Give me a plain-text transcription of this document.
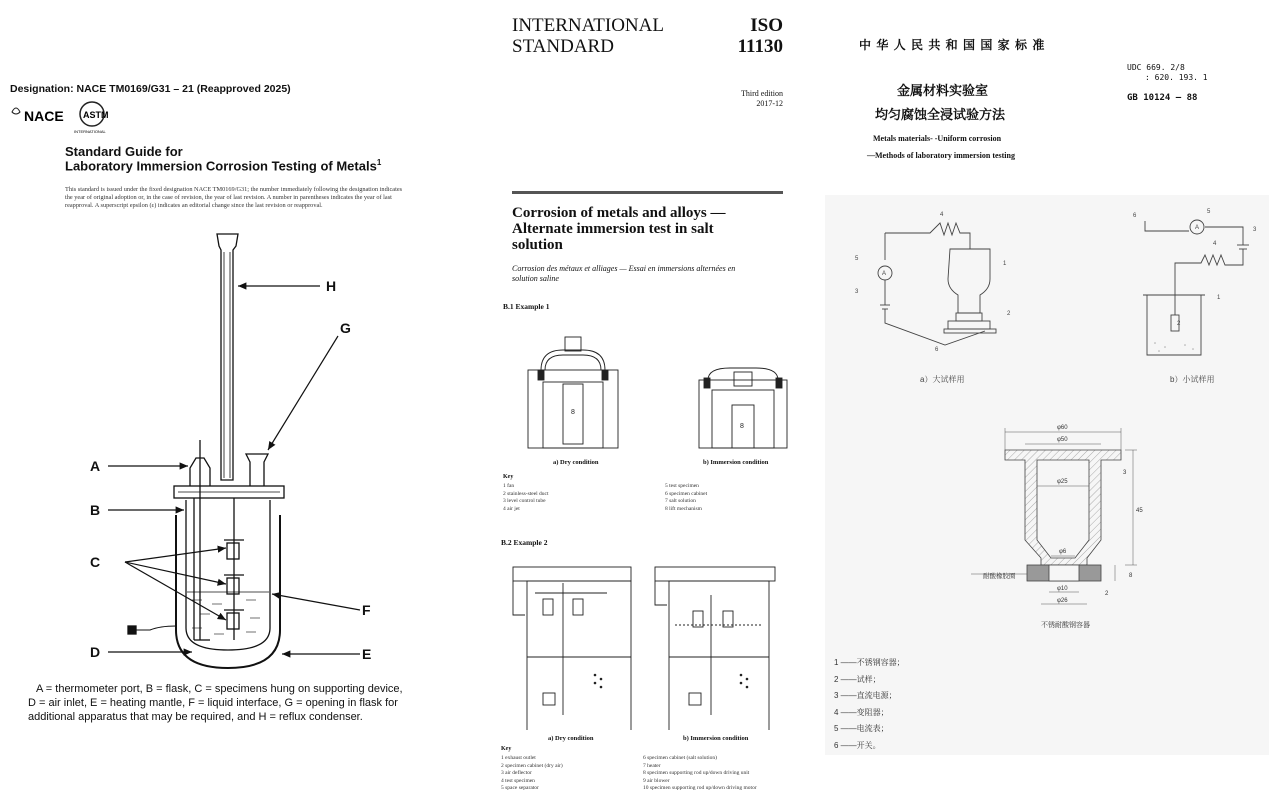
Designation: NACE TM0169/G31 – 21 (Reapproved 2025)
NACE ASTM
INTERNATIONAL
Standard Guide for
Laboratory Immersion Corrosion Testing of Metals$^1$
This standard is issued under the fixed designation NACE TM0169/G31; the number immediately following the designation indicates
the year of original adoption or, in the case of revision, the year of last revision. A number in parentheses indicates the year of last
reapproval. A superscript epsilon (ε) indicates an editorial change since the last revision or reapproval.
H
G
A
B
C
F
D	E
A = thermometer port, B = flask, C = specimens hung on supporting device,
D = air inlet, E = heating mantle, F = liquid interface, G = opening in flask for
additional apparatus that may be required, and H = reflux condenser.
INTERNATIONAL
STANDARD
ISO
11130
Third edition
2017-12
Corrosion of metals and alloys —
Alternate immersion test in salt
solution
Corrosion des métaux et alliages — Essai en immersions alternées en
solution saline
B.1 Example 1
8
8
a) Dry condition	b) Immersion condition
Key
1 fan
2 stainless-steel duct
3 level control tube
4 air jet
5 test specimen
6 specimen cabinet
7 salt solution
8 lift mechanism
B.2 Example 2
a) Dry condition	b) Immersion condition
Key
1 exhaust outlet
2 specimen cabinet (dry air)
3 air deflector
4 test specimen
5 space separator
6 specimen cabinet (salt solution)
7 heater
8 specimen supporting rod up/down driving unit
9 air blower
10 specimen supporting rod up/down driving motor
中 华 人 民 共 和 国 国 家 标 准
UDC 669. 2/8
: 620. 193. 1
GB 10124 — 88
金属材料实验室
均匀腐蚀全浸试验方法
Metals materials- -Uniform corrosion
—Methods of laboratory immersion testing
4
5
3
1
2
6
A
6
5
3
4
1
2
A
a）大试样用	b）小试样用
φ60
φ50
φ25
φ6
φ10
φ26
45
3
8
2
耐酸橡胶圈
不锈耐酸钢容器
1 ——不锈钢容器；
2 ——试样；
3 ——直流电源；
4 ——变阻器；
5 ——电流表；
6 ——开关。
